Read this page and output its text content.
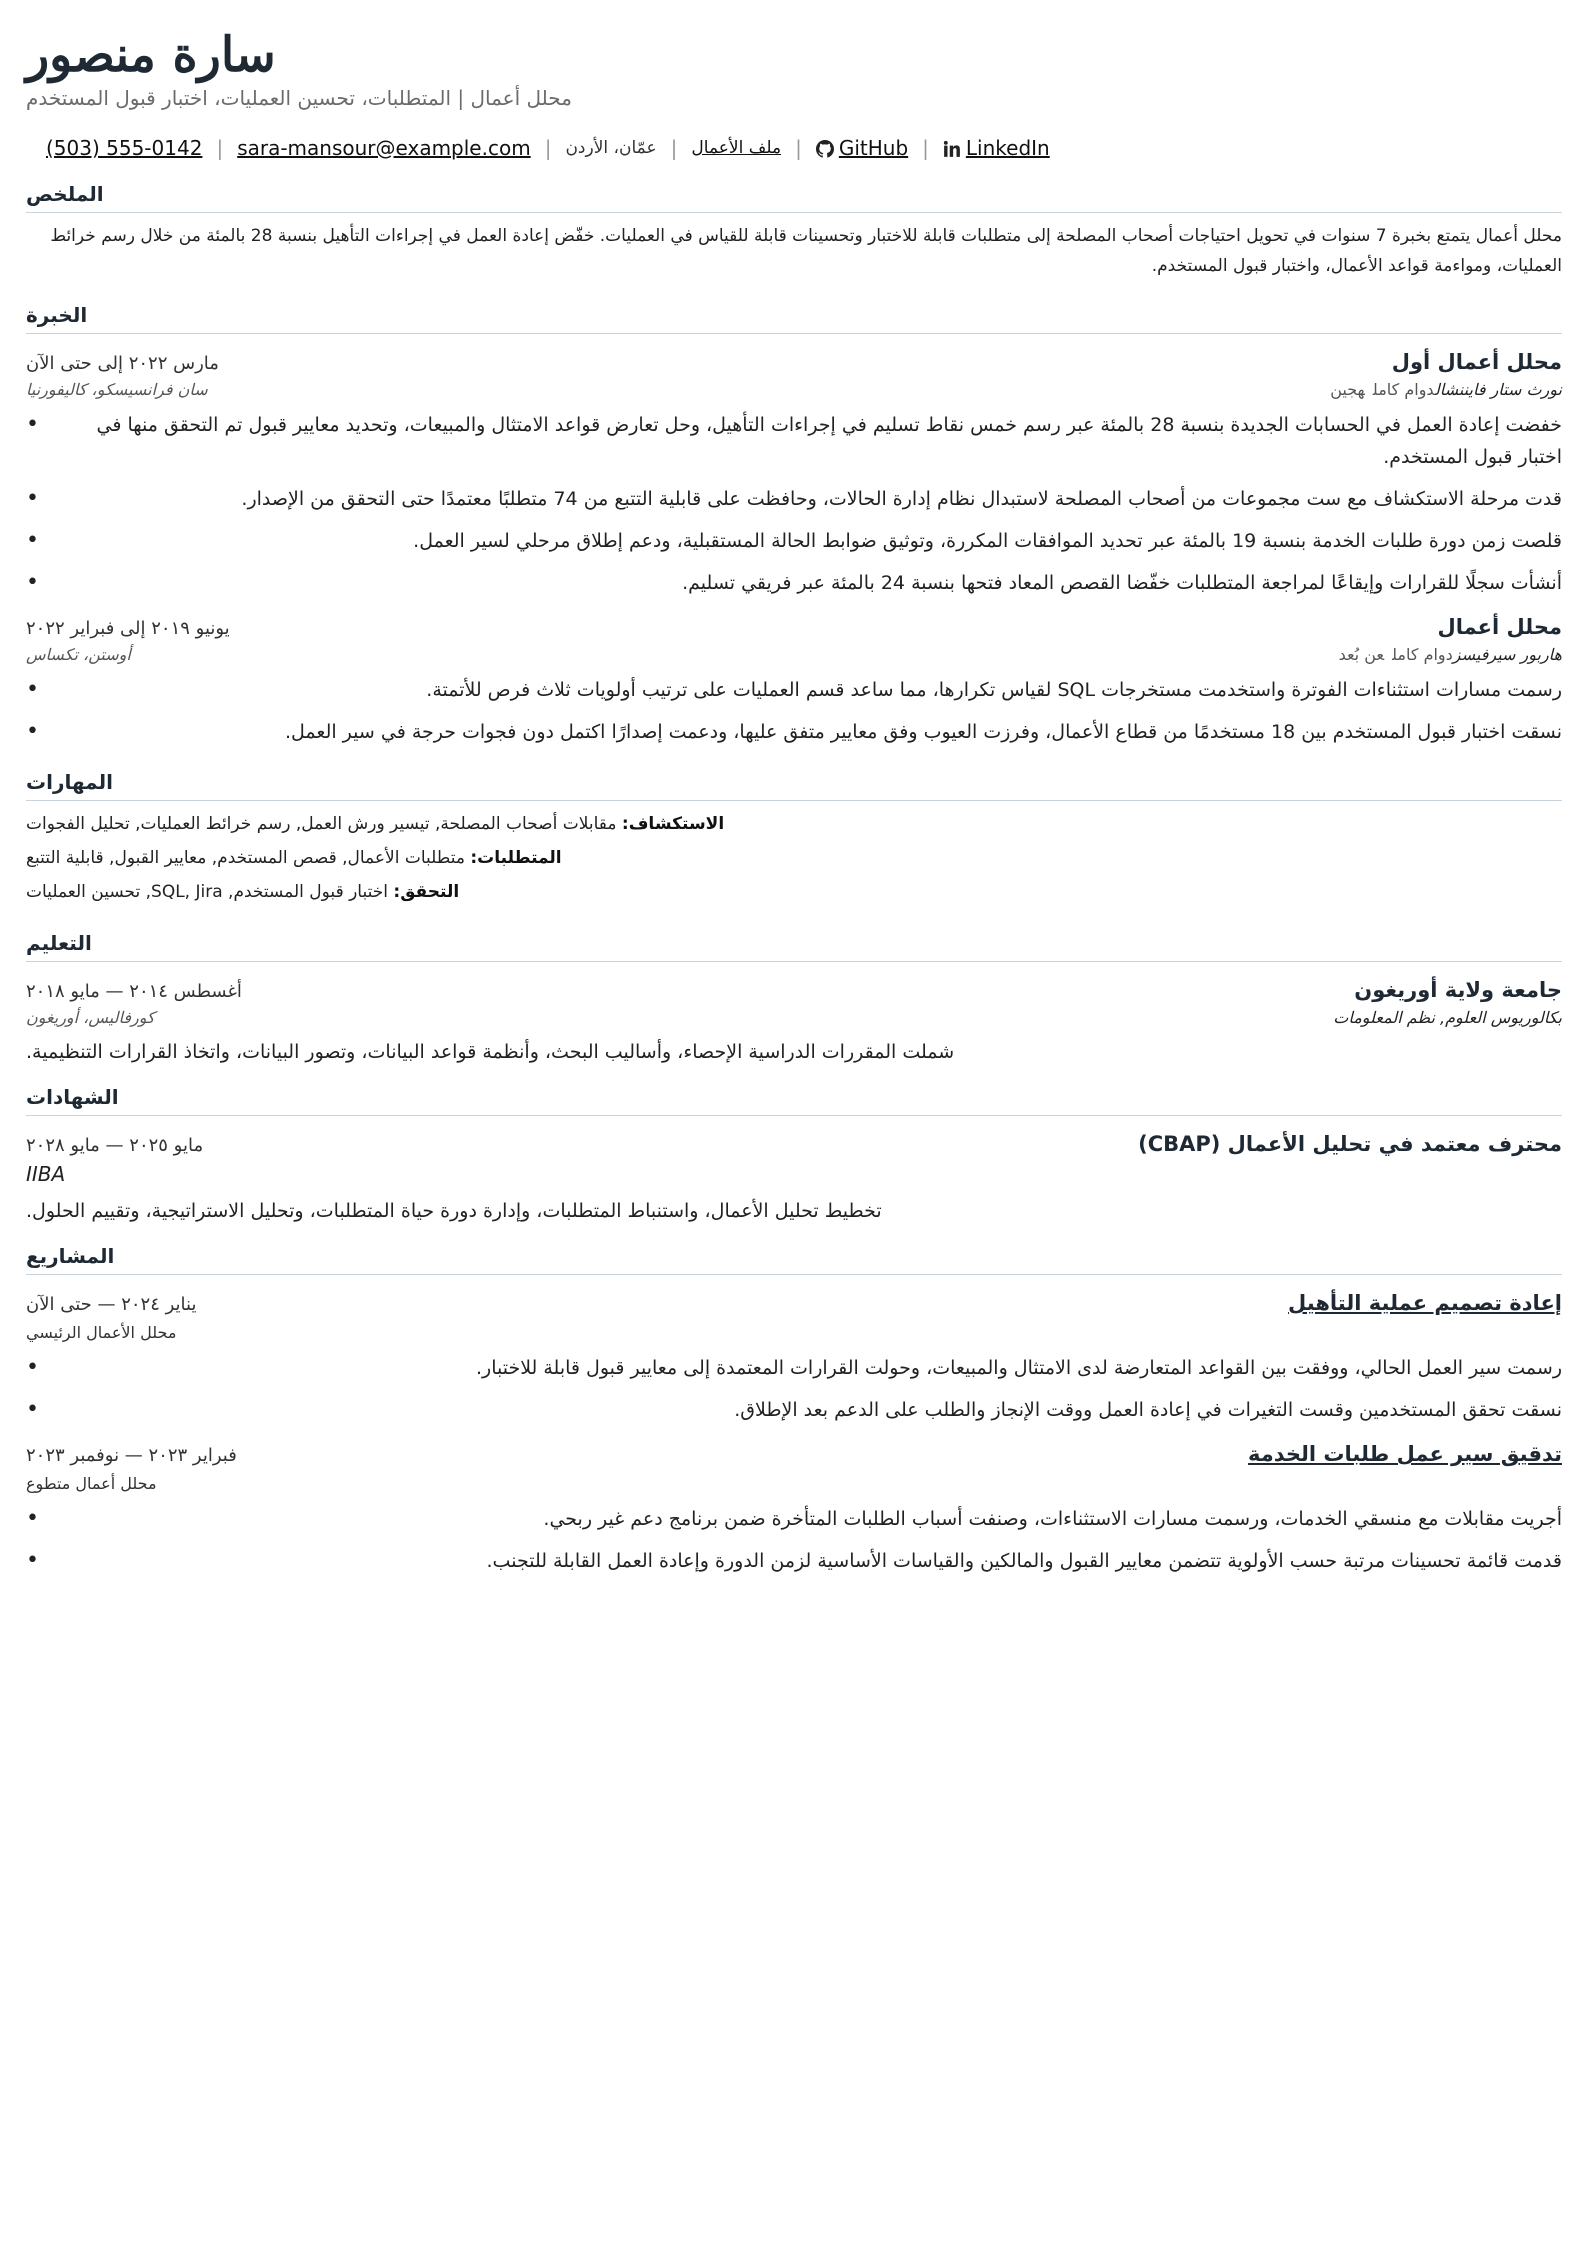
سارة منصور
محلل أعمال | المتطلبات، تحسين العمليات، اختبار قبول المستخدم
(503) 555-0142 | sara-mansour@example.com | عمّان، الأردن | ملف الأعمال | GitHub | LinkedIn
الملخص
محلل أعمال يتمتع بخبرة 7 سنوات في تحويل احتياجات أصحاب المصلحة إلى متطلبات قابلة للاختبار وتحسينات قابلة للقياس في العمليات. خفّض إعادة العمل في إجراءات التأهيل بنسبة 28 بالمئة من خلال رسم خرائط العمليات، ومواءمة قواعد الأعمال، واختبار قبول المستخدم.
الخبرة
مارس ٢٠٢٢ إلى حتى الآن	محلل أعمال أول
سان فرانسيسكو، كاليفورنيا	نورث ستار فايننشالدوام كاملهجين
• خفضت إعادة العمل في الحسابات الجديدة بنسبة 28 بالمئة عبر رسم خمس نقاط تسليم في إجراءات التأهيل، وحل تعارض قواعد الامتثال والمبيعات، وتحديد معايير قبول تم التحقق منها في اختبار قبول المستخدم.
• قدت مرحلة الاستكشاف مع ست مجموعات من أصحاب المصلحة لاستبدال نظام إدارة الحالات، وحافظت على قابلية التتبع من 74 متطلبًا معتمدًا حتى التحقق من الإصدار.
• قلصت زمن دورة طلبات الخدمة بنسبة 19 بالمئة عبر تحديد الموافقات المكررة، وتوثيق ضوابط الحالة المستقبلية، ودعم إطلاق مرحلي لسير العمل.
• أنشأت سجلًا للقرارات وإيقاعًا لمراجعة المتطلبات خفّضا القصص المعاد فتحها بنسبة 24 بالمئة عبر فريقي تسليم.
يونيو ٢٠١٩ إلى فبراير ٢٠٢٢	محلل أعمال
أوستن، تكساس	هاربور سيرفيسزدوام كاملعن بُعد
• رسمت مسارات استثناءات الفوترة واستخدمت مستخرجات SQL لقياس تكرارها، مما ساعد قسم العمليات على ترتيب أولويات ثلاث فرص للأتمتة.
• نسقت اختبار قبول المستخدم بين 18 مستخدمًا من قطاع الأعمال، وفرزت العيوب وفق معايير متفق عليها، ودعمت إصدارًا اكتمل دون فجوات حرجة في سير العمل.
المهارات
الاستكشاف: مقابلات أصحاب المصلحة, تيسير ورش العمل, رسم خرائط العمليات, تحليل الفجوات
المتطلبات: متطلبات الأعمال, قصص المستخدم, معايير القبول, قابلية التتبع
التحقق: اختبار قبول المستخدم, SQL, Jira, تحسين العمليات
التعليم
أغسطس ٢٠١٤ — مايو ٢٠١٨	جامعة ولاية أوريغون
كورفاليس، أوريغون	بكالوريوس العلوم, نظم المعلومات
شملت المقررات الدراسية الإحصاء، وأساليب البحث، وأنظمة قواعد البيانات، وتصور البيانات، واتخاذ القرارات التنظيمية.
الشهادات
مايو ٢٠٢٥ — مايو ٢٠٢٨	محترف معتمد في تحليل الأعمال (CBAP)
IIBA
تخطيط تحليل الأعمال، واستنباط المتطلبات، وإدارة دورة حياة المتطلبات، وتحليل الاستراتيجية، وتقييم الحلول.
المشاريع
يناير ٢٠٢٤ — حتى الآن	إعادة تصميم عملية التأهيل
محلل الأعمال الرئيسي
• رسمت سير العمل الحالي، ووفقت بين القواعد المتعارضة لدى الامتثال والمبيعات، وحولت القرارات المعتمدة إلى معايير قبول قابلة للاختبار.
• نسقت تحقق المستخدمين وقست التغيرات في إعادة العمل ووقت الإنجاز والطلب على الدعم بعد الإطلاق.
فبراير ٢٠٢٣ — نوفمبر ٢٠٢٣	تدقيق سير عمل طلبات الخدمة
محلل أعمال متطوع
• أجريت مقابلات مع منسقي الخدمات، ورسمت مسارات الاستثناءات، وصنفت أسباب الطلبات المتأخرة ضمن برنامج دعم غير ربحي.
• قدمت قائمة تحسينات مرتبة حسب الأولوية تتضمن معايير القبول والمالكين والقياسات الأساسية لزمن الدورة وإعادة العمل القابلة للتجنب.
